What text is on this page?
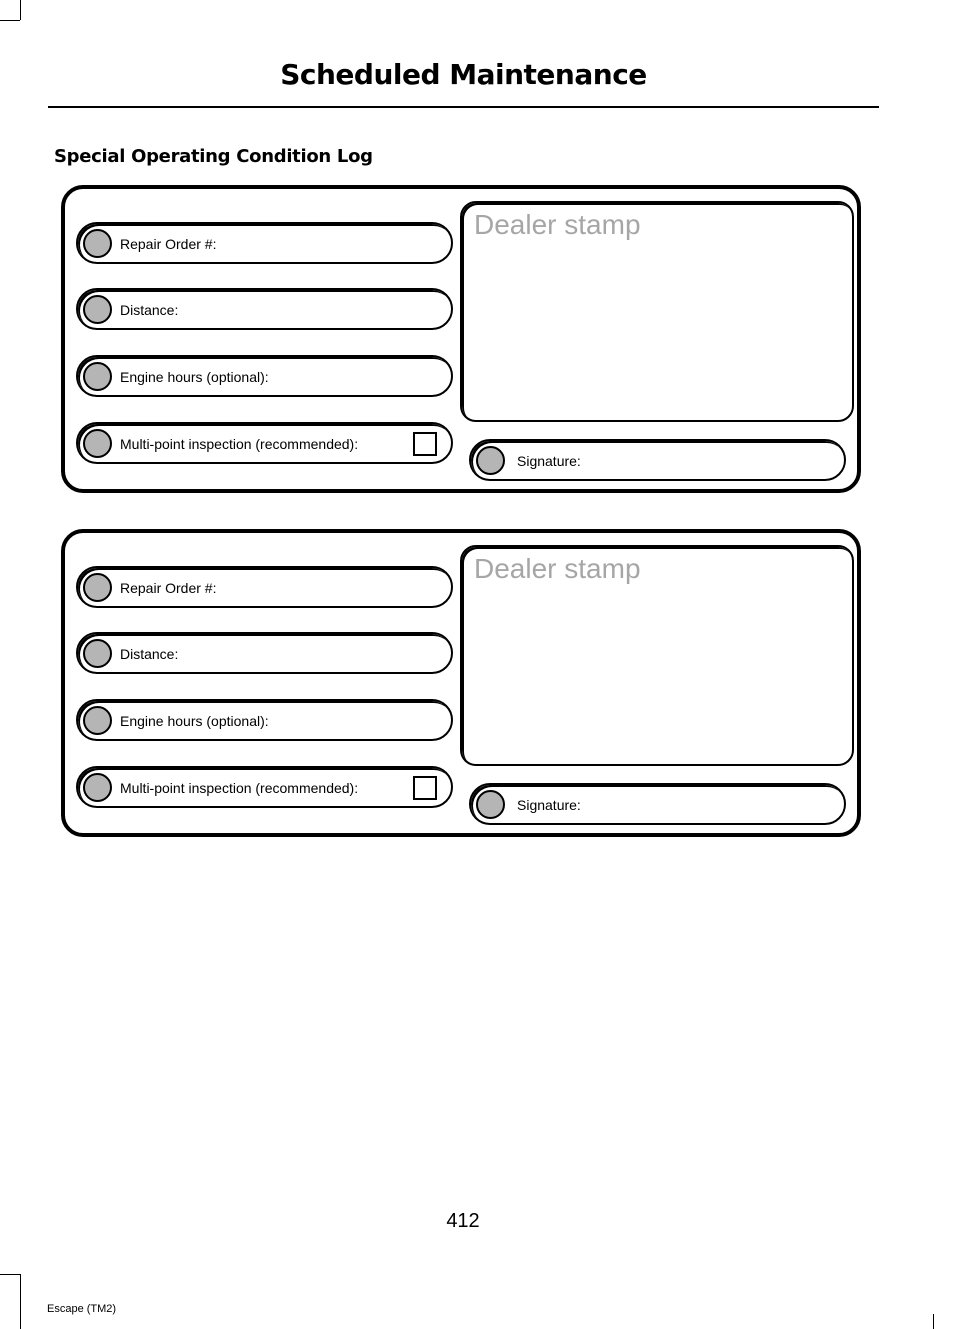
Scheduled Maintenance
Special Operating Condition Log
Repair Order #:
Distance:
Engine hours (optional):
Multi-point inspection (recommended):
Dealer stamp
Signature:
Repair Order #:
Distance:
Engine hours (optional):
Multi-point inspection (recommended):
Dealer stamp
Signature:
412
Escape (TM2)
